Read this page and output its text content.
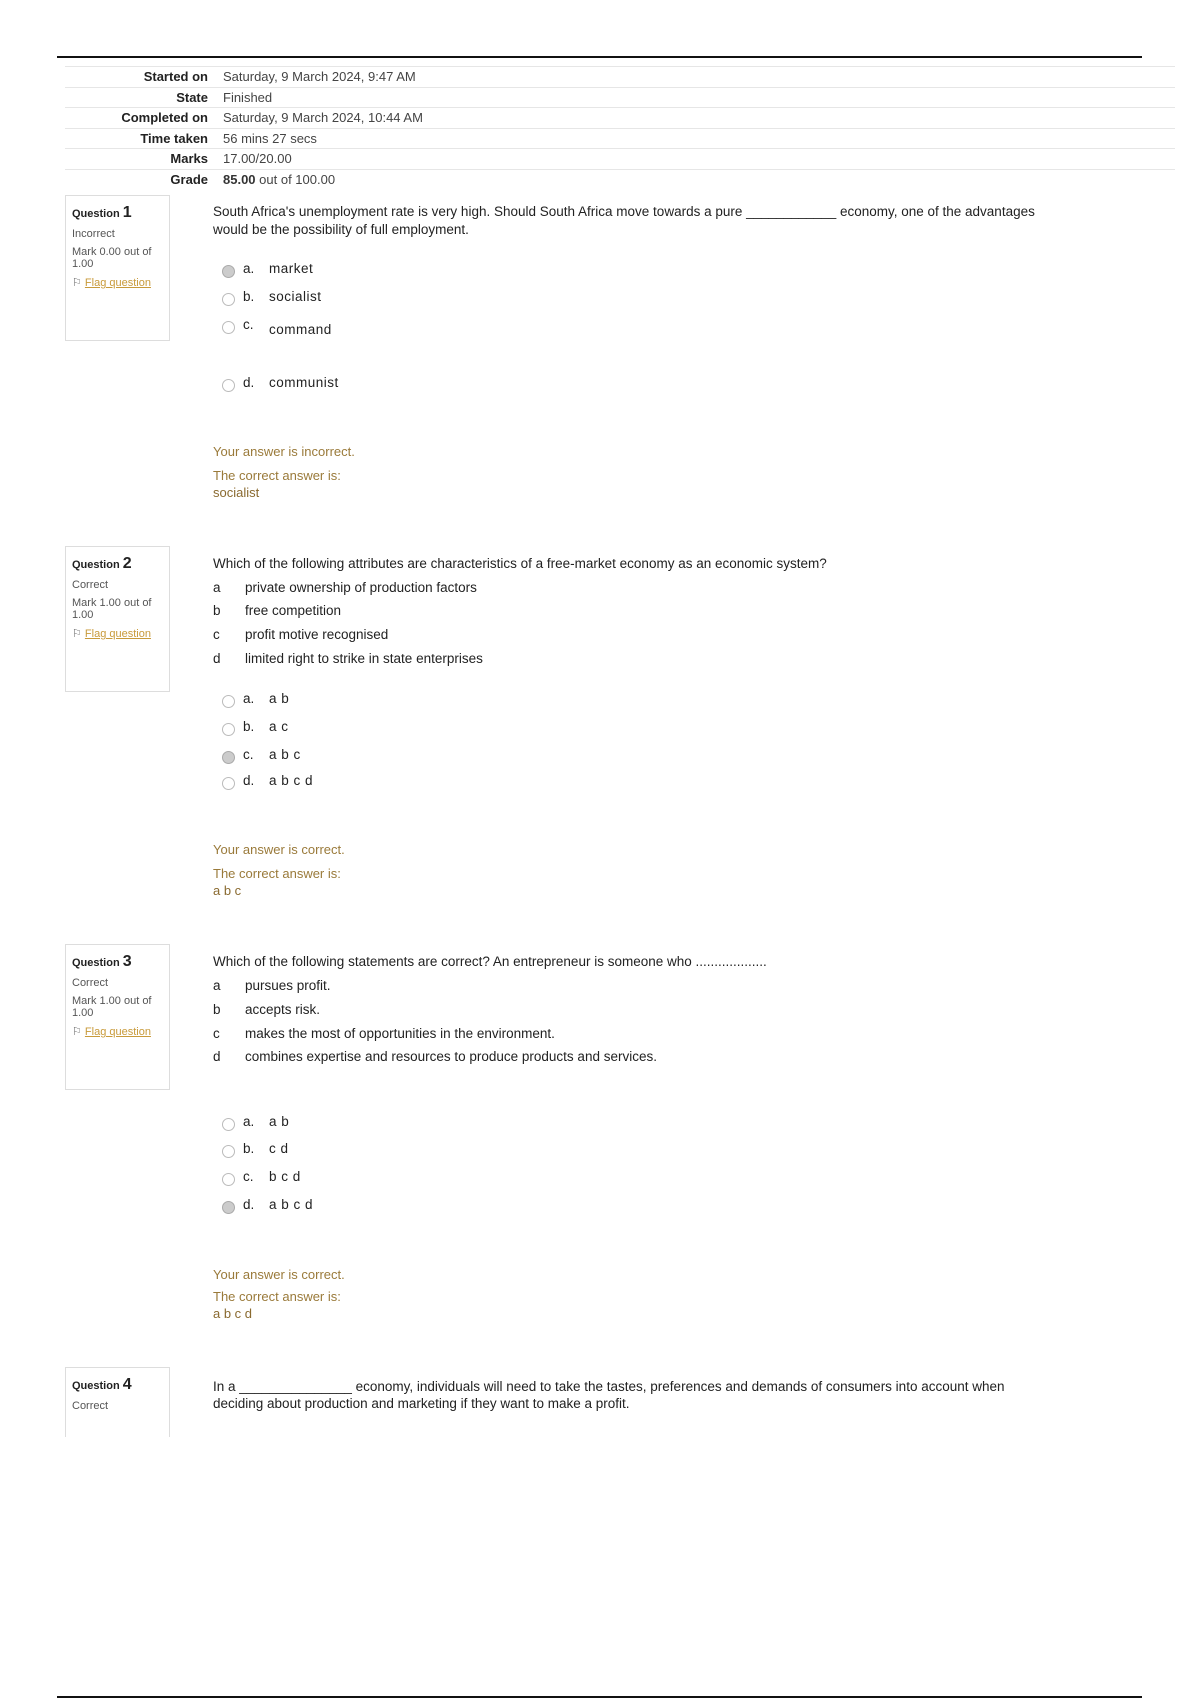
Started on Saturday, 9 March 2024, 9:47 AM
State Finished
Completed on Saturday, 9 March 2024, 10:44 AM
Time taken 56 mins 27 secs
Marks 17.00/20.00
Grade 85.00 out of 100.00
Question 1
Incorrect
Mark 0.00 out of 1.00
⚐ Flag question
South Africa's unemployment rate is very high. Should South Africa move towards a pure ____________ economy, one of the advantages
would be the possibility of full employment.
a. market
b. socialist
c. command
d. communist
Your answer is incorrect.
The correct answer is:
socialist
Question 2
Correct
Mark 1.00 out of 1.00
⚐ Flag question
Which of the following attributes are characteristics of a free-market economy as an economic system?
a private ownership of production factors
b free competition
c profit motive recognised
d limited right to strike in state enterprises
a. a b
b. a c
c. a b c
d. a b c d
Your answer is correct.
The correct answer is:
a b c
Question 3
Correct
Mark 1.00 out of 1.00
⚐ Flag question
Which of the following statements are correct? An entrepreneur is someone who ...................
a pursues profit.
b accepts risk.
c makes the most of opportunities in the environment.
d combines expertise and resources to produce products and services.
a. a b
b. c d
c. b c d
d. a b c d
Your answer is correct.
The correct answer is:
a b c d
Question 4
Correct
In a _______________ economy, individuals will need to take the tastes, preferences and demands of consumers into account when
deciding about production and marketing if they want to make a profit.
